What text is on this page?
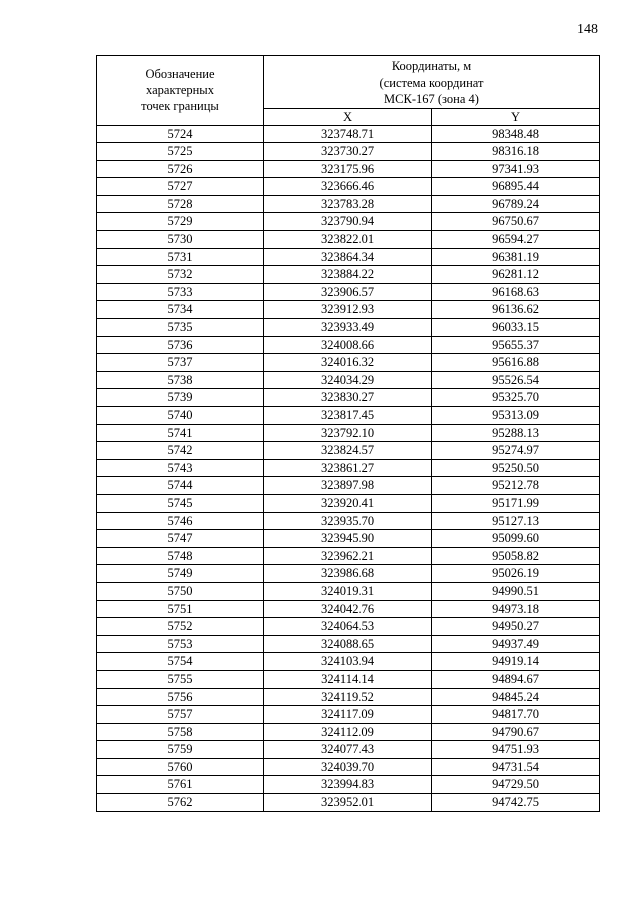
148
Обозначение
характерных
точек границы	Координаты, м
(система координат
МСК-167 (зона 4)	

	X	Y
5724	323748.71	98348.48
5725	323730.27	98316.18
5726	323175.96	97341.93
5727	323666.46	96895.44
5728	323783.28	96789.24
5729	323790.94	96750.67
5730	323822.01	96594.27
5731	323864.34	96381.19
5732	323884.22	96281.12
5733	323906.57	96168.63
5734	323912.93	96136.62
5735	323933.49	96033.15
5736	324008.66	95655.37
5737	324016.32	95616.88
5738	324034.29	95526.54
5739	323830.27	95325.70
5740	323817.45	95313.09
5741	323792.10	95288.13
5742	323824.57	95274.97
5743	323861.27	95250.50
5744	323897.98	95212.78
5745	323920.41	95171.99
5746	323935.70	95127.13
5747	323945.90	95099.60
5748	323962.21	95058.82
5749	323986.68	95026.19
5750	324019.31	94990.51
5751	324042.76	94973.18
5752	324064.53	94950.27
5753	324088.65	94937.49
5754	324103.94	94919.14
5755	324114.14	94894.67
5756	324119.52	94845.24
5757	324117.09	94817.70
5758	324112.09	94790.67
5759	324077.43	94751.93
5760	324039.70	94731.54
5761	323994.83	94729.50
5762	323952.01	94742.75
